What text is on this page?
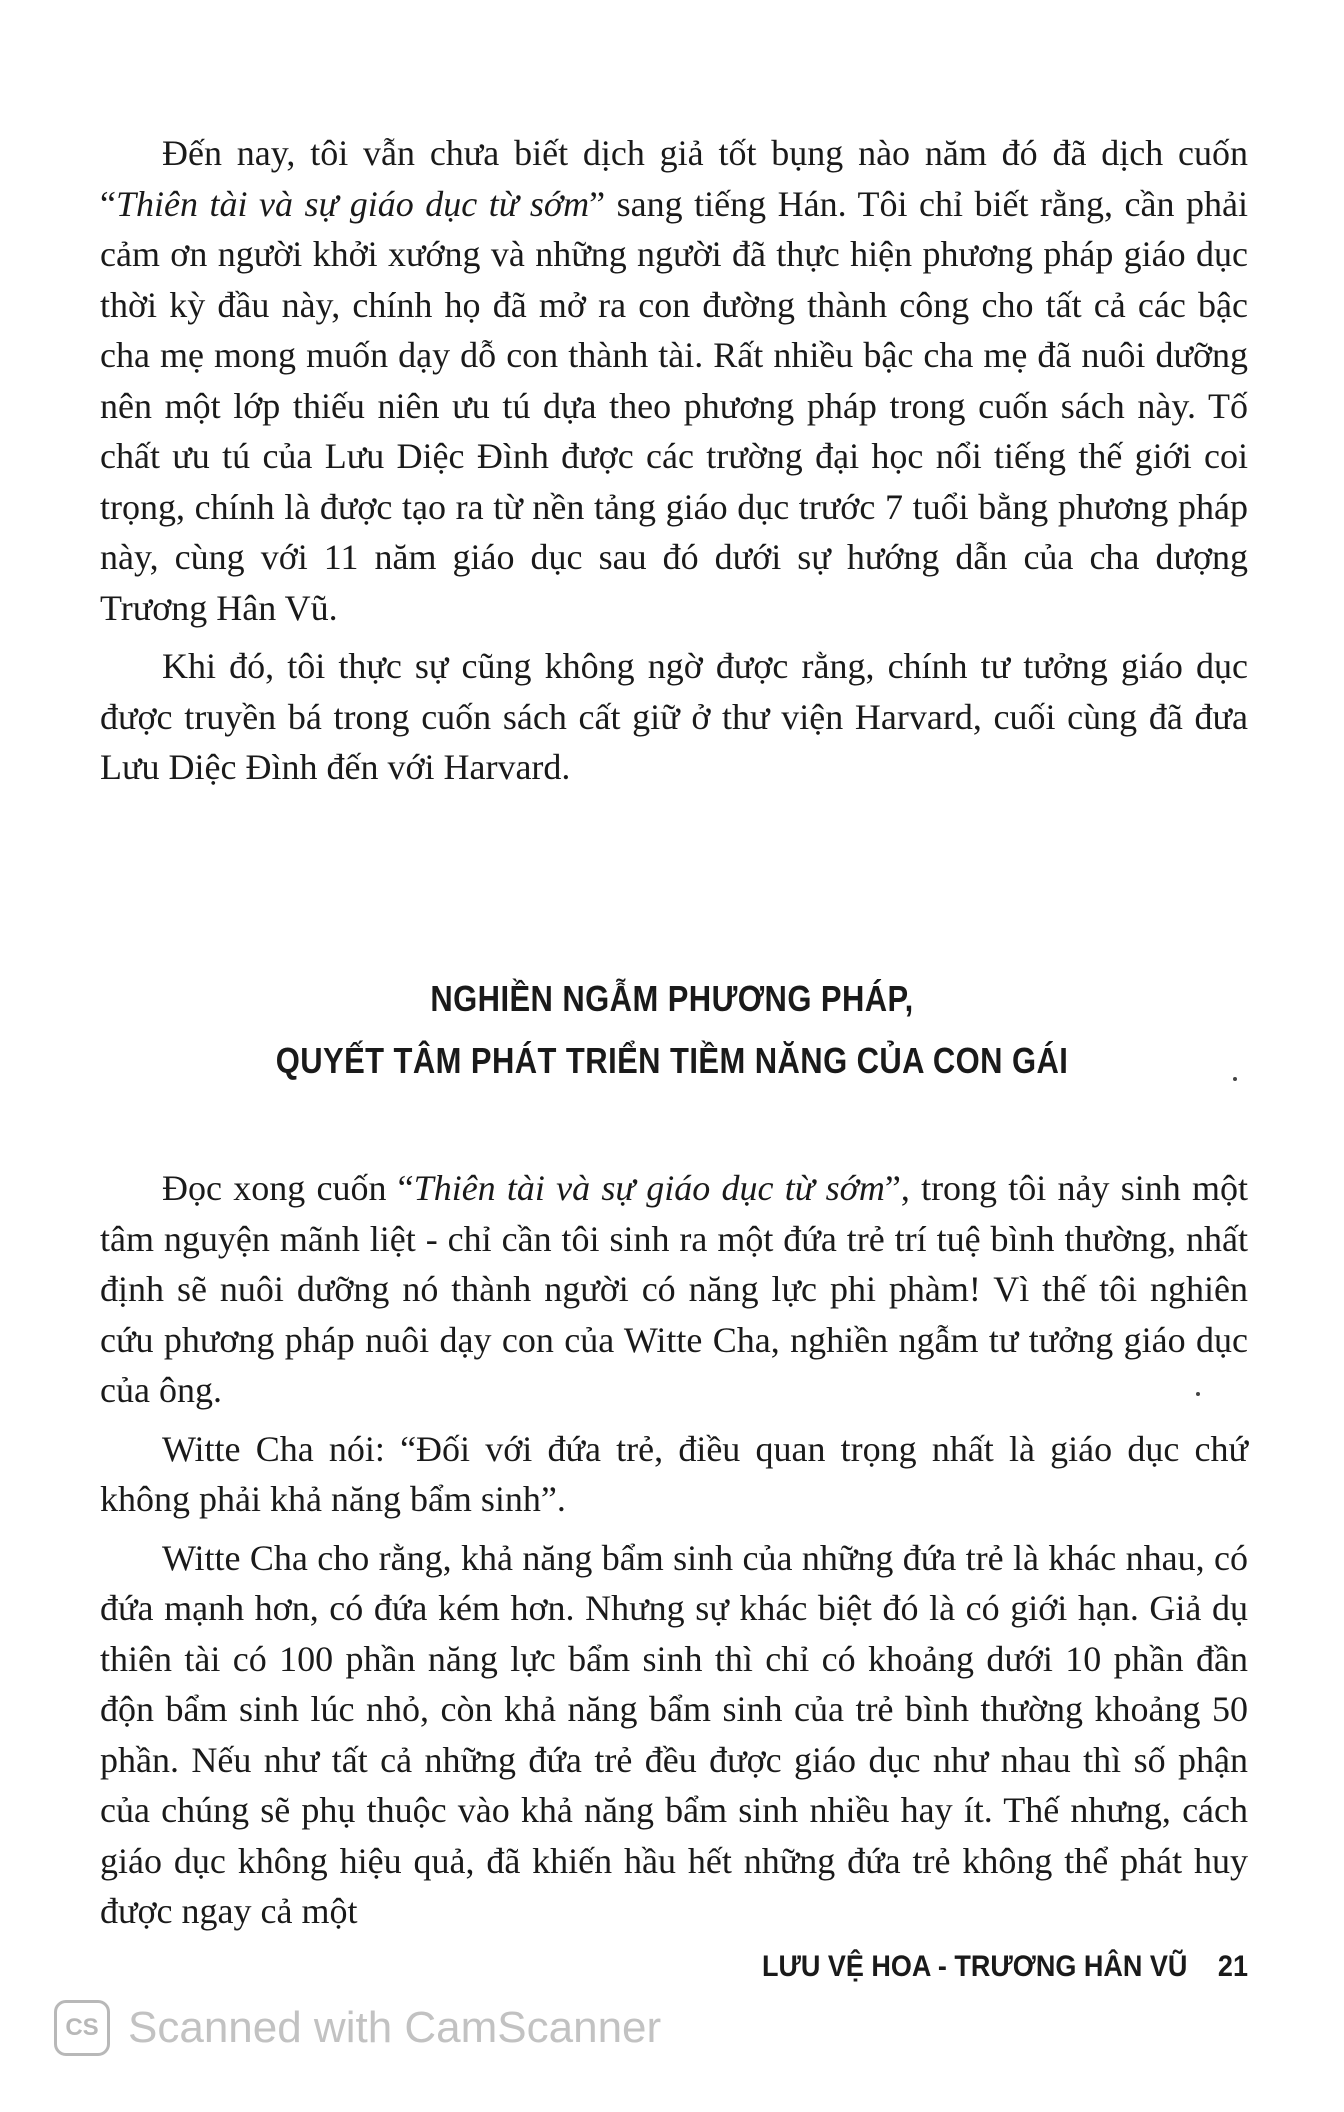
Đến nay, tôi vẫn chưa biết dịch giả tốt bụng nào năm đó đã dịch cuốn “Thiên tài và sự giáo dục từ sớm” sang tiếng Hán. Tôi chỉ biết rằng, cần phải cảm ơn người khởi xướng và những người đã thực hiện phương pháp giáo dục thời kỳ đầu này, chính họ đã mở ra con đường thành công cho tất cả các bậc cha mẹ mong muốn dạy dỗ con thành tài. Rất nhiều bậc cha mẹ đã nuôi dưỡng nên một lớp thiếu niên ưu tú dựa theo phương pháp trong cuốn sách này. Tố chất ưu tú của Lưu Diệc Đình được các trường đại học nổi tiếng thế giới coi trọng, chính là được tạo ra từ nền tảng giáo dục trước 7 tuổi bằng phương pháp này, cùng với 11 năm giáo dục sau đó dưới sự hướng dẫn của cha dượng Trương Hân Vũ.

Khi đó, tôi thực sự cũng không ngờ được rằng, chính tư tưởng giáo dục được truyền bá trong cuốn sách cất giữ ở thư viện Harvard, cuối cùng đã đưa Lưu Diệc Đình đến với Harvard.

NGHIỀN NGẪM PHƯƠNG PHÁP,
QUYẾT TÂM PHÁT TRIỂN TIỀM NĂNG CỦA CON GÁI

Đọc xong cuốn “Thiên tài và sự giáo dục từ sớm”, trong tôi nảy sinh một tâm nguyện mãnh liệt - chỉ cần tôi sinh ra một đứa trẻ trí tuệ bình thường, nhất định sẽ nuôi dưỡng nó thành người có năng lực phi phàm! Vì thế tôi nghiên cứu phương pháp nuôi dạy con của Witte Cha, nghiền ngẫm tư tưởng giáo dục của ông.

Witte Cha nói: “Đối với đứa trẻ, điều quan trọng nhất là giáo dục chứ không phải khả năng bẩm sinh”.

Witte Cha cho rằng, khả năng bẩm sinh của những đứa trẻ là khác nhau, có đứa mạnh hơn, có đứa kém hơn. Nhưng sự khác biệt đó là có giới hạn. Giả dụ thiên tài có 100 phần năng lực bẩm sinh thì chỉ có khoảng dưới 10 phần đần độn bẩm sinh lúc nhỏ, còn khả năng bẩm sinh của trẻ bình thường khoảng 50 phần. Nếu như tất cả những đứa trẻ đều được giáo dục như nhau thì số phận của chúng sẽ phụ thuộc vào khả năng bẩm sinh nhiều hay ít. Thế nhưng, cách giáo dục không hiệu quả, đã khiến hầu hết những đứa trẻ không thể phát huy được ngay cả một

LƯU VỆ HOA - TRƯƠNG HÂN VŨ 21
CS Scanned with CamScanner
